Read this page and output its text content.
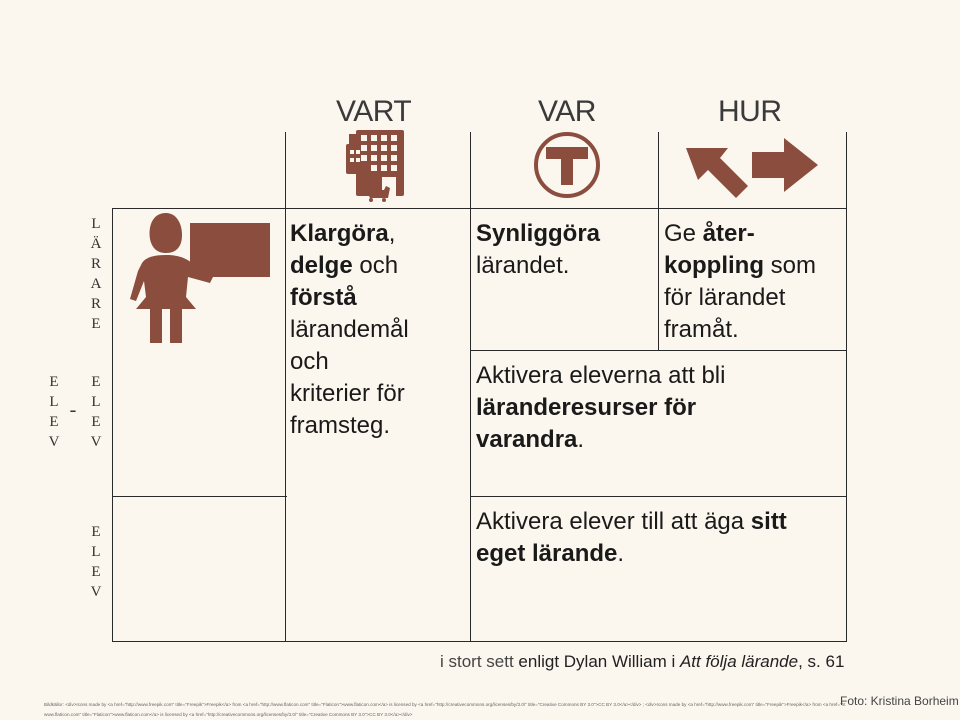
VART	VAR	HUR
L
Ä
R
A
R
E
E
L
E
V
-
E
L
E
V
E
L
E
V
Klargöra,
delge och
förstå
lärandemål
och
kriterier för
framsteg.
Synliggöra
lärandet.
Ge åter-
koppling som
för lärandet
framåt.
Aktivera eleverna att bli
läranderesurser för
varandra.
Aktivera elever till att äga sitt
eget lärande.
i stort sett enligt Dylan William i Att följa lärande, s. 61
Bildkällor: <div>Icons made by <a href="http://www.freepik.com" title="Freepik">Freepik</a> from <a href="http://www.flaticon.com" title="Flaticon">www.flaticon.com</a> is licensed by <a href="http://creativecommons.org/licenses/by/3.0/" title="Creative Commons BY 3.0">CC BY 3.0</a></div> ; <div>Icons made by <a href="http://www.freepik.com" title="Freepik">Freepik</a> from <a href="ht
www.flaticon.com" title="Flaticon">www.flaticon.com</a> is licensed by <a href="http://creativecommons.org/licenses/by/3.0/" title="Creative Commons BY 3.0">CC BY 3.0</a></div>
Foto: Kristina Borheim
